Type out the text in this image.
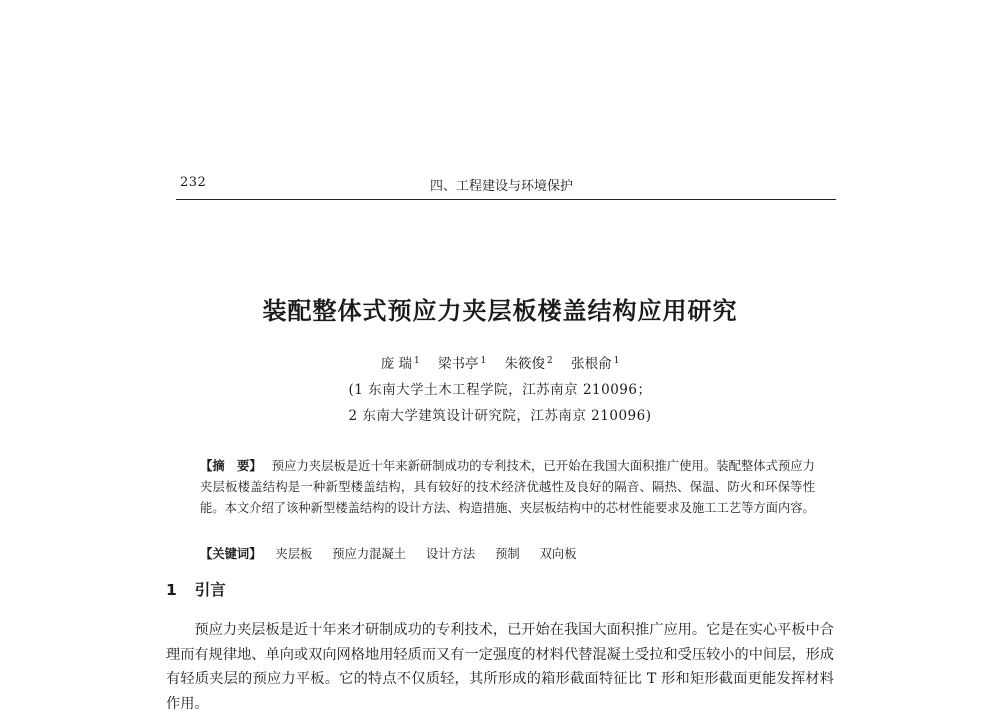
232	四、工程建设与环境保护
装配整体式预应力夹层板楼盖结构应用研究
庞 瑞 $^1$ 梁书亭 $^1$ 朱筱俊 $^2$ 张根俞 $^1$
(1 东南大学土木工程学院，江苏南京 210096；
2 东南大学建筑设计研究院，江苏南京 210096)
【摘　要】 预应力夹层板是近十年来新研制成功的专利技术，已开始在我国大面积推广使用。装配整体式预应力夹层板楼盖结构是一种新型楼盖结构，具有较好的技术经济优越性及良好的隔音、隔热、保温、防火和环保等性能。本文介绍了该种新型楼盖结构的设计方法、构造措施、夹层板结构中的芯材性能要求及施工工艺等方面内容。
【关键词】 夹层板 预应力混凝土 设计方法 预制 双向板
1 引言

预应力夹层板是近十年来才研制成功的专利技术，已开始在我国大面积推广应用。它是在实心平板中合理而有规律地、单向或双向网格地用轻质而又有一定强度的材料代替混凝土受拉和受压较小的中间层，形成有轻质夹层的预应力平板。它的特点不仅质轻，其所形成的箱形截面特征比 T 形和矩形截面更能发挥材料作用。
